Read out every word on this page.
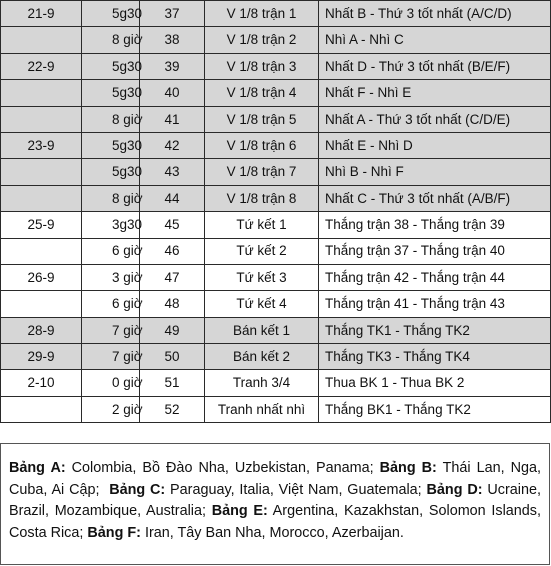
21-9	5g30	37	V 1/8 trận 1	Nhất B - Thứ 3 tốt nhất (A/C/D)
	8 giờ	38	V 1/8 trận 2	Nhì A - Nhì C
22-9	5g30	39	V 1/8 trận 3	Nhất D - Thứ 3 tốt nhất (B/E/F)
	5g30	40	V 1/8 trận 4	Nhất F - Nhì E
	8 giờ	41	V 1/8 trận 5	Nhất A - Thứ 3 tốt nhất (C/D/E)
23-9	5g30	42	V 1/8 trận 6	Nhất E - Nhì D
	5g30	43	V 1/8 trận 7	Nhì B - Nhì F
	8 giờ	44	V 1/8 trận 8	Nhất C - Thứ 3 tốt nhất (A/B/F)
25-9	3g30	45	Tứ kết 1	Thắng trận 38 - Thắng trận 39
	6 giờ	46	Tứ kết 2	Thắng trận 37 - Thắng trận 40
26-9	3 giờ	47	Tứ kết 3	Thắng trận 42 - Thắng trận 44
	6 giờ	48	Tứ kết 4	Thắng trận 41 - Thắng trận 43
28-9	7 giờ	49	Bán kết 1	Thắng TK1 - Thắng TK2
29-9	7 giờ	50	Bán kết 2	Thắng TK3 - Thắng TK4
2-10	0 giờ	51	Tranh 3/4	Thua BK 1 - Thua BK 2
	2 giờ	52	Tranh nhất nhì	Thắng BK1 - Thắng TK2
Bảng A: Colombia, Bồ Đào Nha, Uzbekistan, Panama; Bảng B: Thái Lan, Nga, Cuba, Ai Cập;  Bảng C: Paraguay, Italia, Việt Nam, Guatemala; Bảng D: Ucraine, Brazil, Mozambique, Australia; Bảng E: Argentina, Kazakhstan, Solomon Islands, Costa Rica; Bảng F: Iran, Tây Ban Nha, Morocco, Azerbaijan.
